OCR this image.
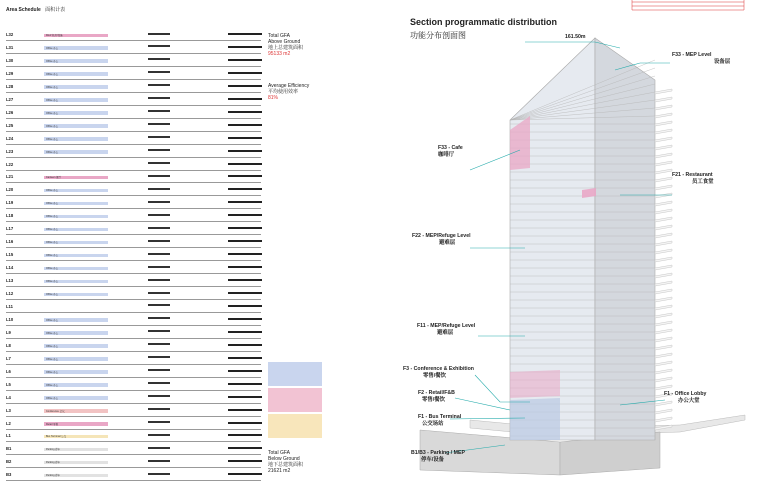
Area Schedule 面积计表
L32	Roof 机房/设备
L31	Office 办公
L30	Office 办公
L29	Office 办公
L28	Office 办公
L27	Office 办公
L26	Office 办公
L25	Office 办公
L24	Office 办公
L23	Office 办公
L22
L21	Canteen 餐厅
L20	Office 办公
L19	Office 办公
L18	Office 办公
L17	Office 办公
L16	Office 办公
L15	Office 办公
L14	Office 办公
L13	Office 办公
L12	Office 办公
L11
L10	Office 办公
L9	Office 办公
L8	Office 办公
L7	Office 办公
L6	Office 办公
L5	Office 办公
L4	Office 办公
L3	Conference 会议
L2	Retail 零售
L1	Bus Terminal 公交
B1	Parking 停车
B2	Parking 停车
B3	Parking 停车
Total GFA
Above Ground
地上总建筑面积
95133 m2
Average Efficiency
平均使用效率
81%
Total GFA
Below Ground
地下总建筑面积
21621 m2
Section programmatic distribution
功能分布剖面图	161.50m
F33 - MEP Level
设备层
F33 - Cafe
咖啡厅
F21 - Restaurant
员工食堂
F22 - MEP/Refuge Level
避难层
F11 - MEP/Refuge Level
避难层
F3 - Conference & Exhibition
零售/餐饮
F2 - Retail/F&B
零售/餐饮
F1 - Bus Terminal
公交场站
F1 - Office Lobby
办公大堂
B1/B3 - Parking / MEP
停车/设备
